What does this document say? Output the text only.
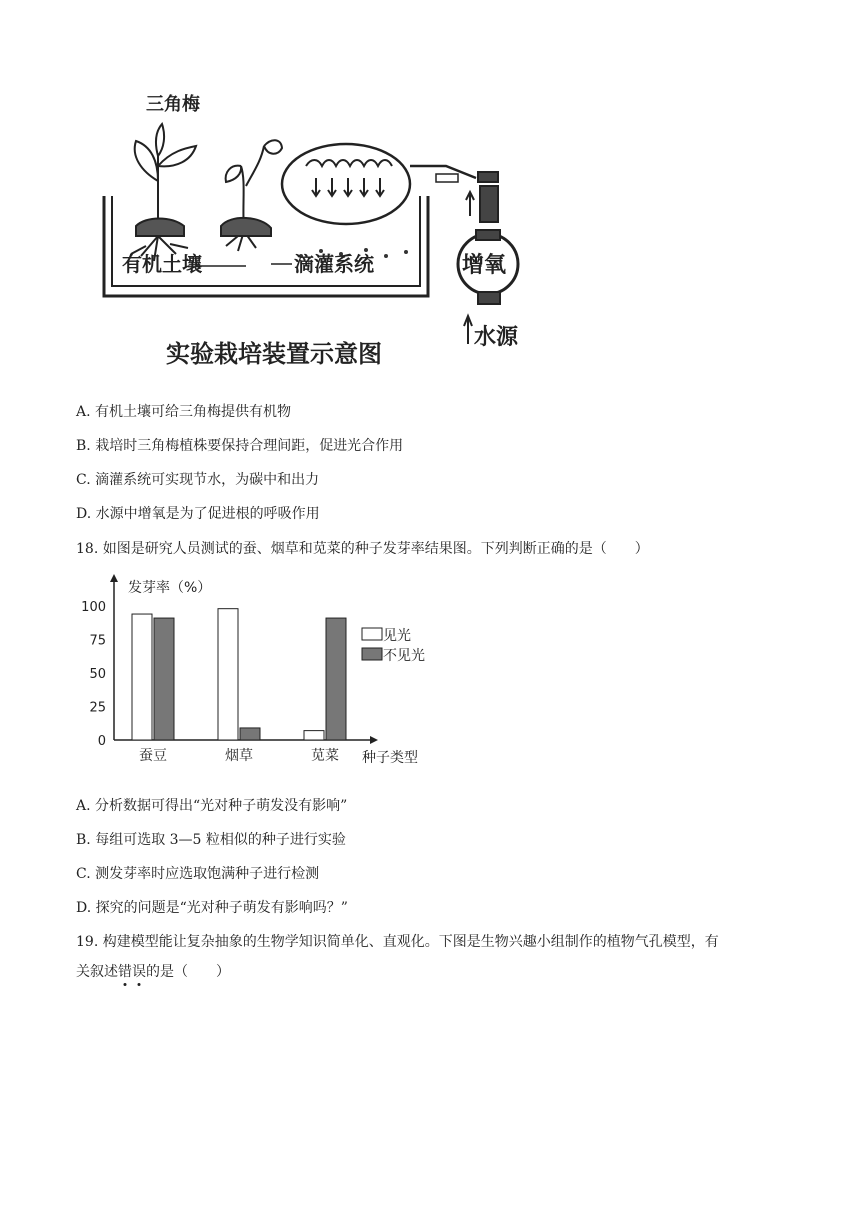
三角梅
有机土壤	滴灌系统	增氧
水源
实验栽培装置示意图
A. 有机土壤可给三角梅提供有机物
B. 栽培时三角梅植株要保持合理间距，促进光合作用
C. 滴灌系统可实现节水，为碳中和出力
D. 水源中增氧是为了促进根的呼吸作用
18. 如图是研究人员测试的蚕、烟草和苋菜的种子发芽率结果图。下列判断正确的是（　　）
发芽率（%）
种子类型
100
75
50
25
0
蚕豆	烟草	苋菜
见光
不见光
A. 分析数据可得出“光对种子萌发没有影响”
B. 每组可选取 3—5 粒相似的种子进行实验
C. 测发芽率时应选取饱满种子进行检测
D. 探究的问题是“光对种子萌发有影响吗？”
19. 构建模型能让复杂抽象的生物学知识简单化、直观化。下图是生物兴趣小组制作的植物气孔模型，有
关叙述错误的是（　　）
